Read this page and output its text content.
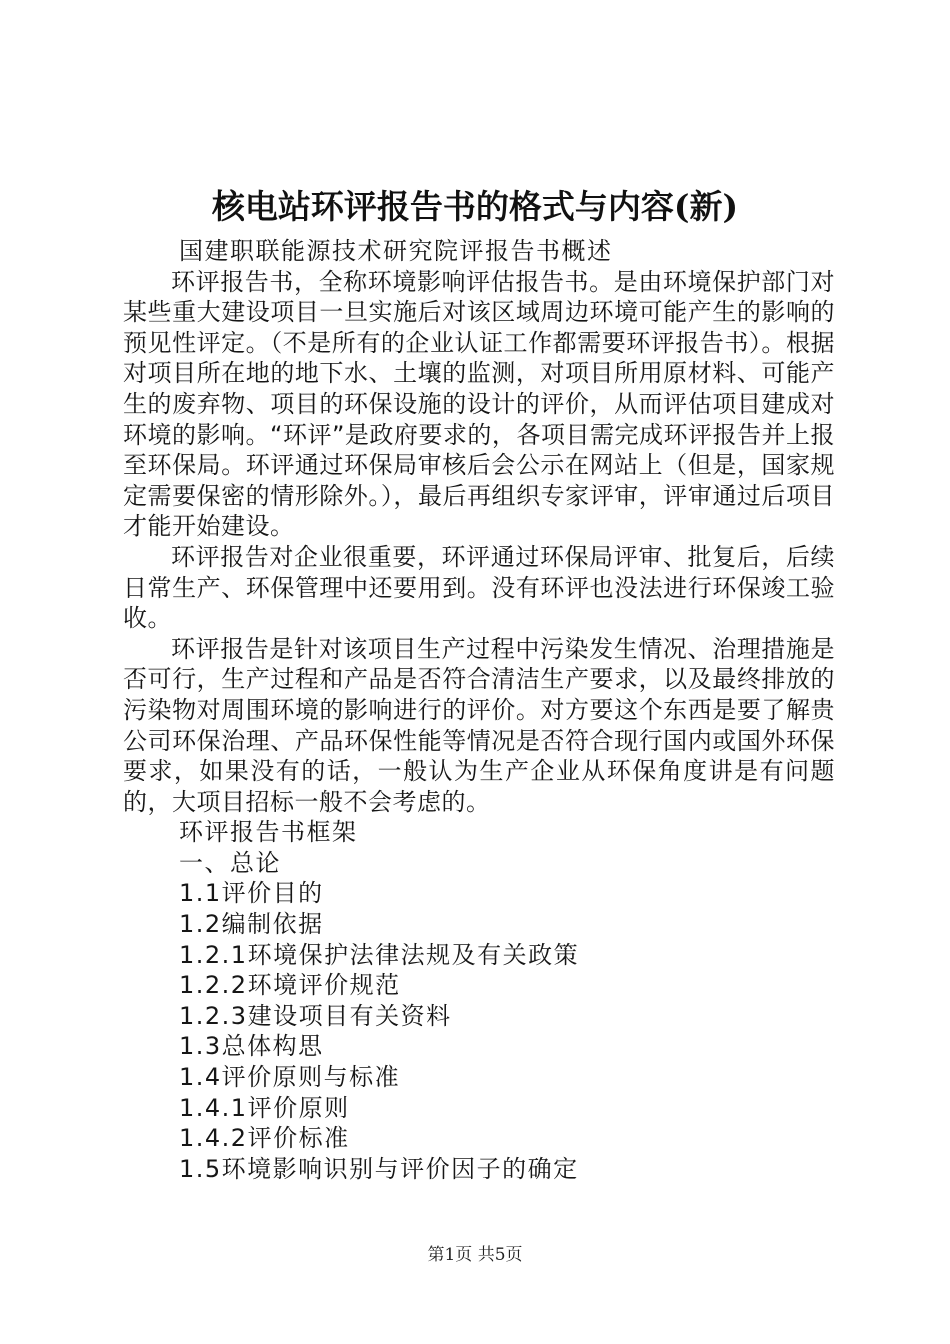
核电站环评报告书的格式与内容(新)
国建职联能源技术研究院评报告书概述

环评报告书，全称环境影响评估报告书。是由环境保护部门对某些重大建设项目一旦实施后对该区域周边环境可能产生的影响的预见性评定。（不是所有的企业认证工作都需要环评报告书）。根据对项目所在地的地下水、土壤的监测，对项目所用原材料、可能产生的废弃物、项目的环保设施的设计的评价，从而评估项目建成对环境的影响。“环评”是政府要求的，各项目需完成环评报告并上报至环保局。环评通过环保局审核后会公示在网站上（但是，国家规定需要保密的情形除外。），最后再组织专家评审，评审通过后项目才能开始建设。

环评报告对企业很重要，环评通过环保局评审、批复后，后续日常生产、环保管理中还要用到。没有环评也没法进行环保竣工验收。

环评报告是针对该项目生产过程中污染发生情况、治理措施是否可行，生产过程和产品是否符合清洁生产要求，以及最终排放的污染物对周围环境的影响进行的评价。对方要这个东西是要了解贵公司环保治理、产品环保性能等情况是否符合现行国内或国外环保要求，如果没有的话，一般认为生产企业从环保角度讲是有问题的，大项目招标一般不会考虑的。

环评报告书框架
一、总论
1.1评价目的
1.2编制依据
1.2.1环境保护法律法规及有关政策
1.2.2环境评价规范
1.2.3建设项目有关资料
1.3总体构思
1.4评价原则与标准
1.4.1评价原则
1.4.2评价标准
1.5环境影响识别与评价因子的确定
第1页 共5页
